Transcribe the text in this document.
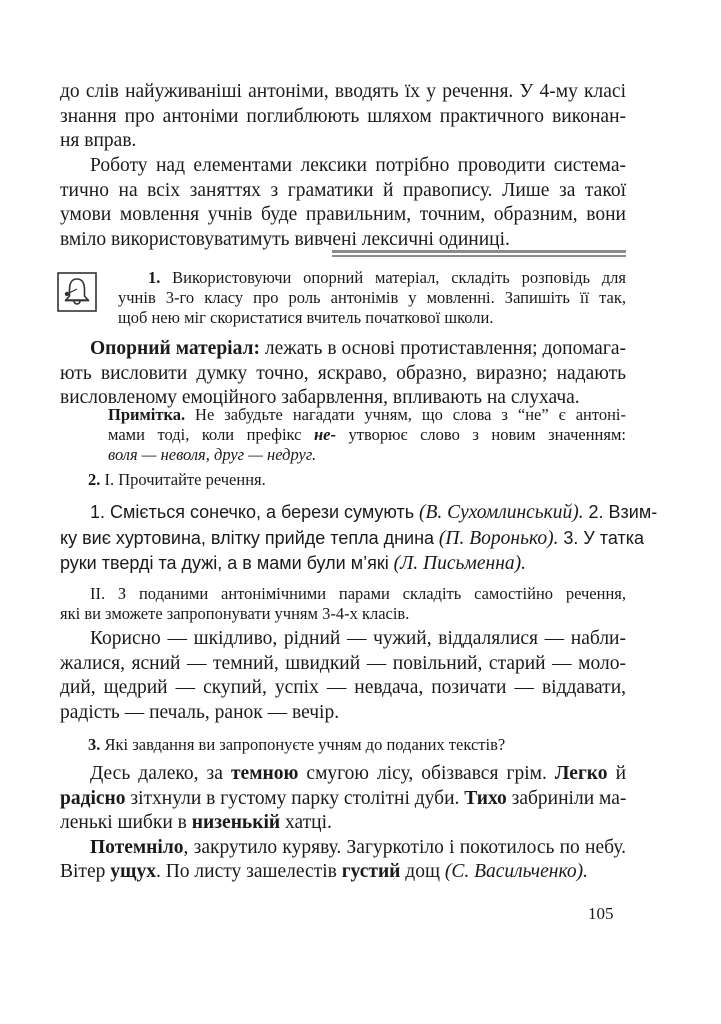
до слів найуживаніші антоніми, вводять їх у речення. У 4-му класі
знання про антоніми поглиблюють шляхом практичного виконан-
ня вправ.
Роботу над елементами лексики потрібно проводити система-
тично на всіх заняттях з граматики й правопису. Лише за такої
умови мовлення учнів буде правильним, точним, образним, вони
вміло використовуватимуть вивчені лексичні одиниці.
1. Використовуючи опорний матеріал, складіть розповідь для
учнів 3-го класу про роль антонімів у мовленні. Запишіть її так,
щоб нею міг скористатися вчитель початкової школи.
Опорний матеріал: лежать в основі протиставлення; допомага-
ють висловити думку точно, яскраво, образно, виразно; надають
висловленому емоційного забарвлення, впливають на слухача.
Примітка. Не забудьте нагадати учням, що слова з “не” є антоні-
мами тоді, коли префікс не- утворює слово з новим значенням:
воля — неволя, друг — недруг.
2. І. Прочитайте речення.
1. Сміється сонечко, а берези сумують (В. Сухомлинський). 2. Взим-
ку виє хуртовина, влітку прийде тепла днина (П. Воронько). 3. У татка
руки тверді та дужі, а в мами були м’які (Л. Письменна).
ІІ. З поданими антонімічними парами складіть самостійно речення,
які ви зможете запропонувати учням 3-4-х класів.
Корисно — шкідливо, рідний — чужий, віддалялися — набли-
жалися, ясний — темний, швидкий — повільний, старий — моло-
дий, щедрий — скупий, успіх — невдача, позичати — віддавати,
радість — печаль, ранок — вечір.
3. Які завдання ви запропонуєте учням до поданих текстів?
Десь далеко, за темною смугою лісу, обізвався грім. Легко й
радісно зітхнули в густому парку столітні дуби. Тихо забриніли ма-
ленькі шибки в низенькій хатці.
Потемніло, закрутило куряву. Загуркотіло і покотилось по небу.
Вітер ущух. По листу зашелестів густий дощ (С. Васильченко).
105
